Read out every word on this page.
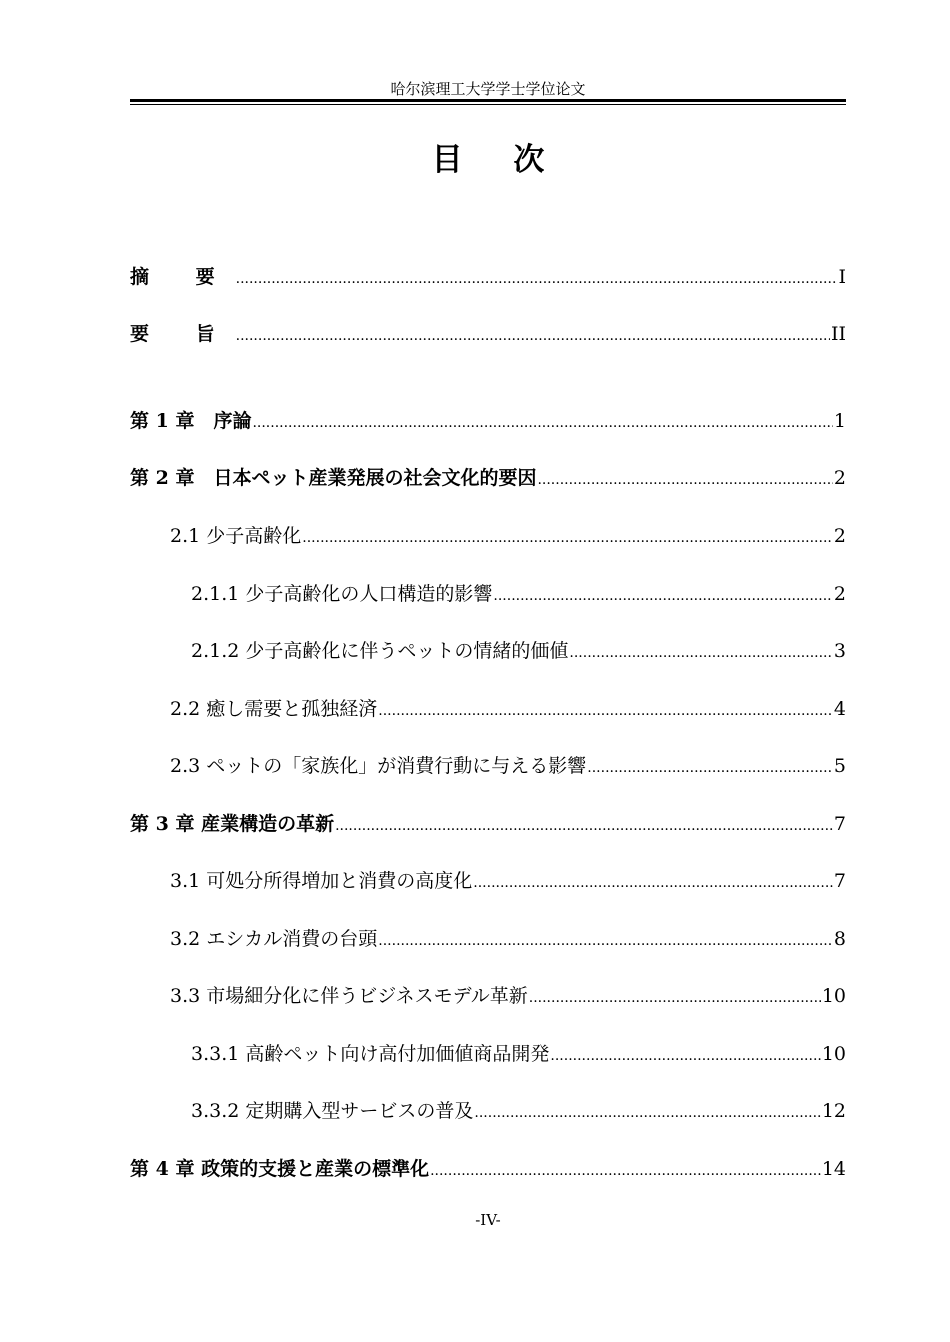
哈尔滨理工大学学士学位论文
目 次
摘 要 .....	I
要 旨 .....	II
第 1 章　序論 .....	1
第 2 章　日本ペット産業発展の社会文化的要因 .....	2
2.1 少子高齢化 .....	2
2.1.1 少子高齢化の人口構造的影響 .....	2
2.1.2 少子高齢化に伴うペットの情緒的価値 .....	3
2.2 癒し需要と孤独経済 .....	4
2.3 ペットの「家族化」が消費行動に与える影響 .....	5
第 3 章 産業構造の革新 .....	7
3.1 可処分所得増加と消費の高度化 .....	7
3.2 エシカル消費の台頭 .....	8
3.3 市場細分化に伴うビジネスモデル革新 .....	10
3.3.1 高齢ペット向け高付加価値商品開発 .....	10
3.3.2 定期購入型サービスの普及 .....	12
第 4 章 政策的支援と産業の標準化 .....	14
-IV-
